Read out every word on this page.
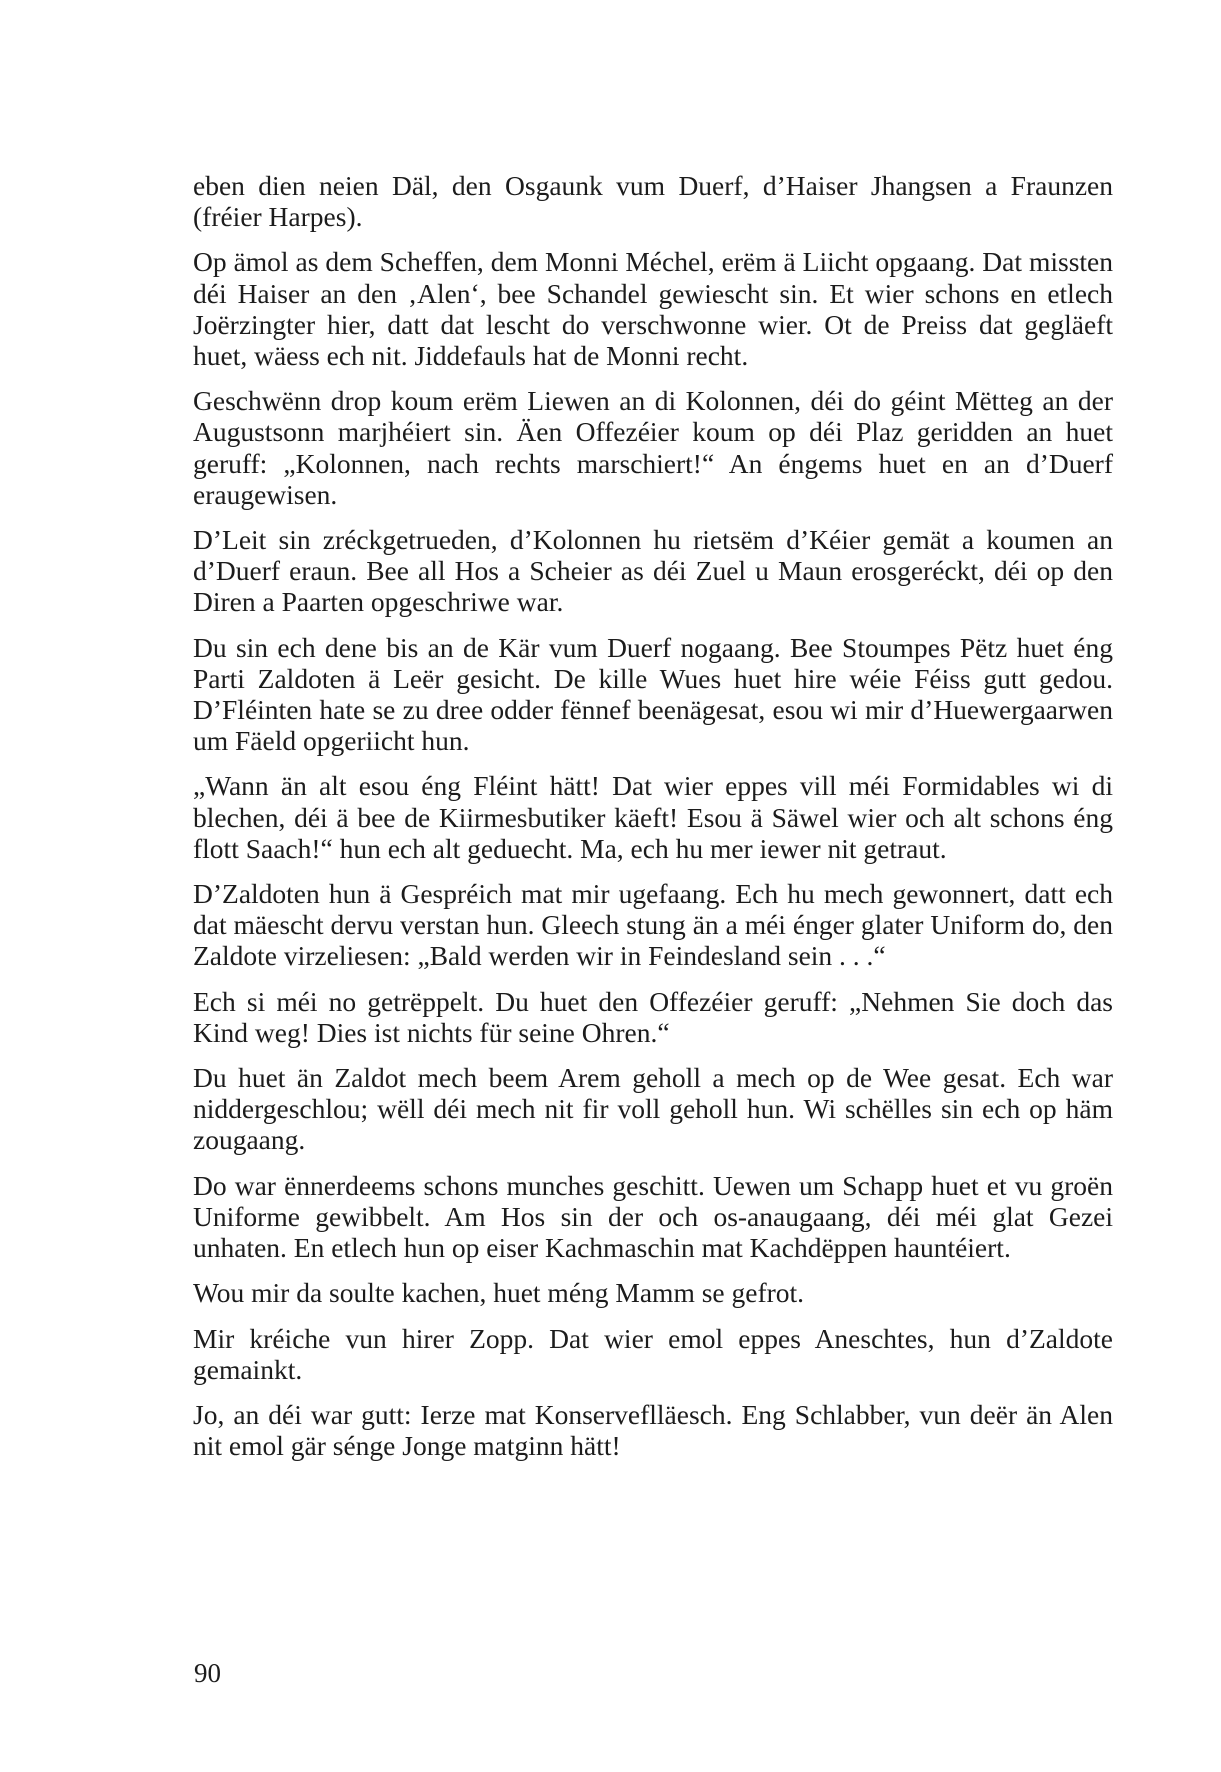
eben dien neien Däl, den Osgaunk vum Duerf, d’Haiser Jhangsen a Fraunzen (fréier Harpes).

Op ämol as dem Scheffen, dem Monni Méchel, erëm ä Liicht opgaang. Dat missten déi Haiser an den ‚Alen‘, bee Schandel gewiescht sin. Et wier schons en etlech Joërzingter hier, datt dat lescht do verschwonne wier. Ot de Preiss dat gegläeft huet, wäess ech nit. Jiddefauls hat de Monni recht.

Geschwënn drop koum erëm Liewen an di Kolonnen, déi do géint Mëtteg an der Augustsonn marjhéiert sin. Äen Offezéier koum op déi Plaz geridden an huet geruff: „Kolonnen, nach rechts marschiert!“ An éngems huet en an d’Duerf eraugewisen.

D’Leit sin zréckgetrueden, d’Kolonnen hu rietsëm d’Kéier gemät a koumen an d’Duerf eraun. Bee all Hos a Scheier as déi Zuel u Maun erosgeréckt, déi op den Diren a Paarten opgeschriwe war.

Du sin ech dene bis an de Kär vum Duerf nogaang. Bee Stoumpes Pëtz huet éng Parti Zaldoten ä Leër gesicht. De kille Wues huet hire wéie Féiss gutt gedou. D’Fléinten hate se zu dree odder fënnef beenägesat, esou wi mir d’Huewergaarwen um Fäeld opgeriicht hun.

„Wann än alt esou éng Fléint hätt! Dat wier eppes vill méi Formidables wi di blechen, déi ä bee de Kiirmesbutiker käeft! Esou ä Säwel wier och alt schons éng flott Saach!“ hun ech alt geduecht. Ma, ech hu mer iewer nit getraut.

D’Zaldoten hun ä Gespréich mat mir ugefaang. Ech hu mech gewonnert, datt ech dat mäescht dervu verstan hun. Gleech stung än a méi énger glater Uniform do, den Zaldote virzeliesen: „Bald werden wir in Feindesland sein . . .“

Ech si méi no getrëppelt. Du huet den Offezéier geruff: „Nehmen Sie doch das Kind weg! Dies ist nichts für seine Ohren.“

Du huet än Zaldot mech beem Arem geholl a mech op de Wee gesat. Ech war niddergeschlou; wëll déi mech nit fir voll geholl hun. Wi schëlles sin ech op häm zougaang.

Do war ënnerdeems schons munches geschitt. Uewen um Schapp huet et vu groën Uniforme gewibbelt. Am Hos sin der och os-anaugaang, déi méi glat Gezei unhaten. En etlech hun op eiser Kachmaschin mat Kachdëppen hauntéiert.

Wou mir da soulte kachen, huet méng Mamm se gefrot.

Mir kréiche vun hirer Zopp. Dat wier emol eppes Aneschtes, hun d’Zaldote gemainkt.

Jo, an déi war gutt: Ierze mat Konserveflläesch. Eng Schlabber, vun deër än Alen nit emol gär sénge Jonge matginn hätt!

90
